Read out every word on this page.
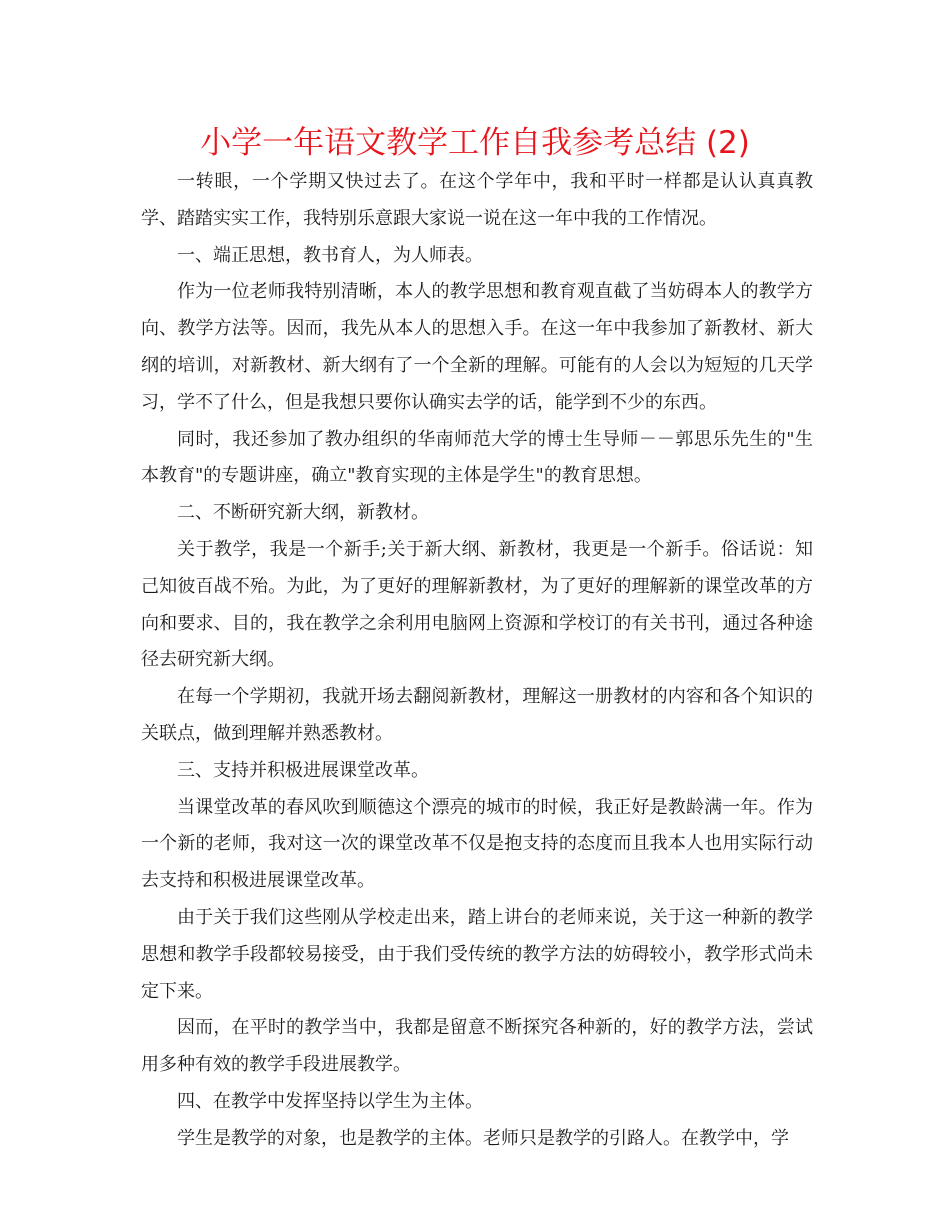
小学一年语文教学工作自我参考总结 (2)

一转眼，一个学期又快过去了。在这个学年中，我和平时一样都是认认真真教学、踏踏实实工作，我特别乐意跟大家说一说在这一年中我的工作情况。

一、端正思想，教书育人，为人师表。

作为一位老师我特别清晰，本人的教学思想和教育观直截了当妨碍本人的教学方向、教学方法等。因而，我先从本人的思想入手。在这一年中我参加了新教材、新大纲的培训，对新教材、新大纲有了一个全新的理解。可能有的人会以为短短的几天学习，学不了什么，但是我想只要你认确实去学的话，能学到不少的东西。

同时，我还参加了教办组织的华南师范大学的博士生导师－－郭思乐先生的"生本教育"的专题讲座，确立"教育实现的主体是学生"的教育思想。

二、不断研究新大纲，新教材。

关于教学，我是一个新手;关于新大纲、新教材，我更是一个新手。俗话说：知己知彼百战不殆。为此，为了更好的理解新教材，为了更好的理解新的课堂改革的方向和要求、目的，我在教学之余利用电脑网上资源和学校订的有关书刊，通过各种途径去研究新大纲。

在每一个学期初，我就开场去翻阅新教材，理解这一册教材的内容和各个知识的关联点，做到理解并熟悉教材。

三、支持并积极进展课堂改革。

当课堂改革的春风吹到顺德这个漂亮的城市的时候，我正好是教龄满一年。作为一个新的老师，我对这一次的课堂改革不仅是抱支持的态度而且我本人也用实际行动去支持和积极进展课堂改革。

由于关于我们这些刚从学校走出来，踏上讲台的老师来说，关于这一种新的教学思想和教学手段都较易接受，由于我们受传统的教学方法的妨碍较小，教学形式尚未定下来。

因而，在平时的教学当中，我都是留意不断探究各种新的，好的教学方法，尝试用多种有效的教学手段进展教学。

四、在教学中发挥坚持以学生为主体。

学生是教学的对象，也是教学的主体。老师只是教学的引路人。在教学中，学
